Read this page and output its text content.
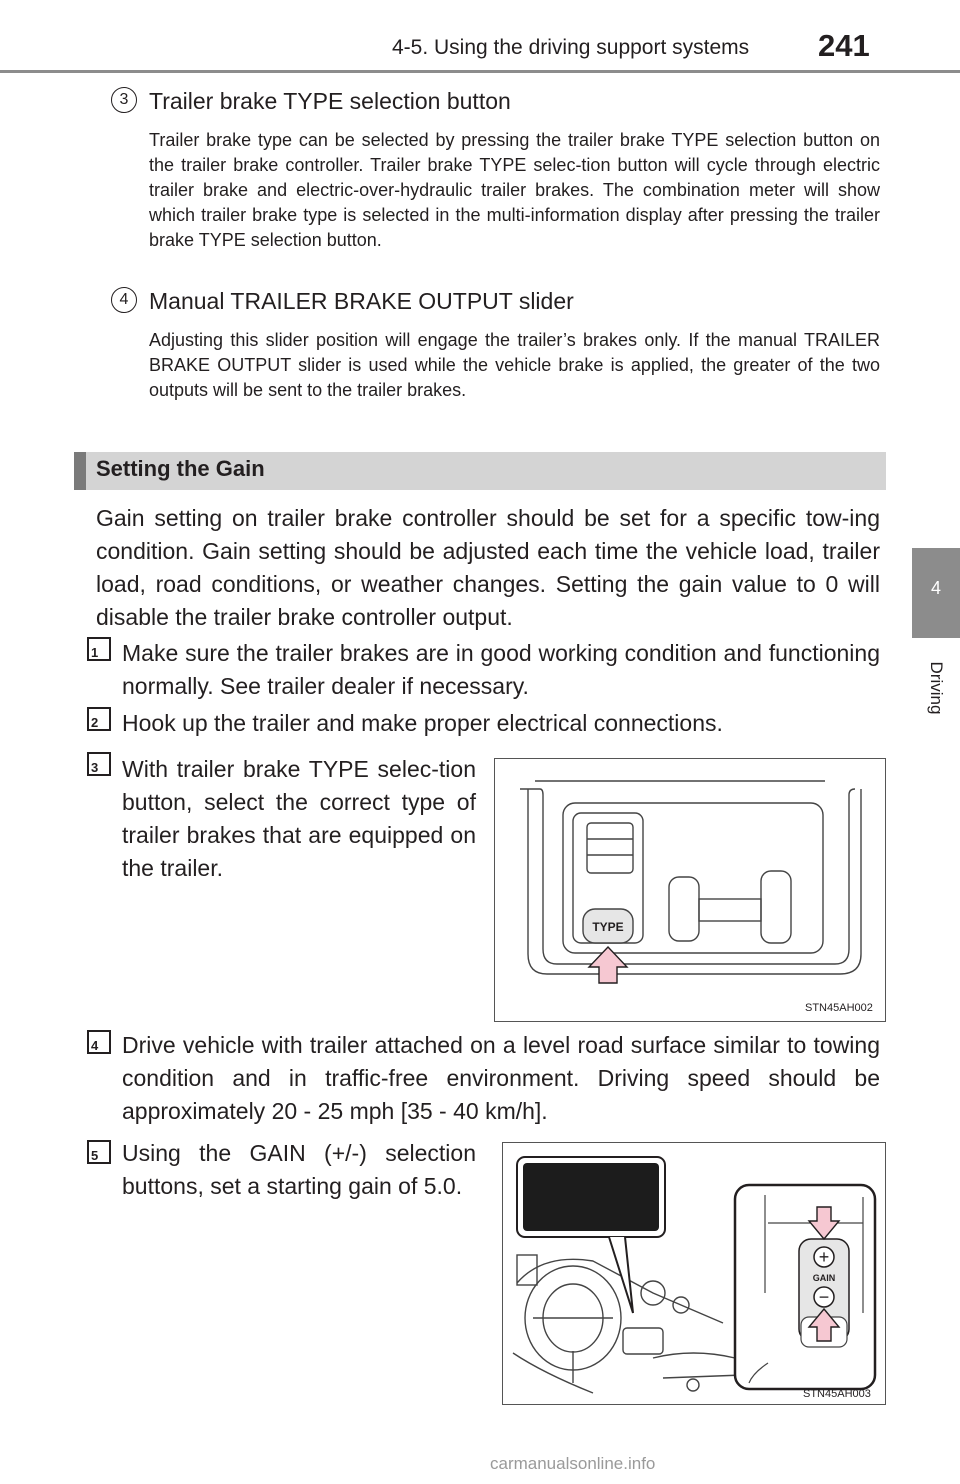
4-5. Using the driving support systems 241
4
Driving
3 Trailer brake TYPE selection button
Trailer brake type can be selected by pressing the trailer brake TYPE selection button on the trailer brake controller. Trailer brake TYPE selec-tion button will cycle through electric trailer brake and electric-over-hydraulic trailer brakes. The combination meter will show which trailer brake type is selected in the multi-information display after pressing the trailer brake TYPE selection button.
4 Manual TRAILER BRAKE OUTPUT slider
Adjusting this slider position will engage the trailer’s brakes only. If the manual TRAILER BRAKE OUTPUT slider is used while the vehicle brake is applied, the greater of the two outputs will be sent to the trailer brakes.
Setting the Gain
Gain setting on trailer brake controller should be set for a specific tow-ing condition. Gain setting should be adjusted each time the vehicle load, trailer load, road conditions, or weather changes. Setting the gain value to 0 will disable the trailer brake controller output.
1	Make sure the trailer brakes are in good working condition and functioning normally. See trailer dealer if necessary.
2	Hook up the trailer and make proper electrical connections.
3	With trailer brake TYPE selec-tion button, select the correct type of trailer brakes that are equipped on the trailer.
TYPE
STN45AH002
4	Drive vehicle with trailer attached on a level road surface similar to towing condition and in traffic-free environment. Driving speed should be approximately 20 - 25 mph [35 - 40 km/h].
5	Using the GAIN (+/-) selection buttons, set a starting gain of 5.0.
+
GAIN
−
STN45AH003
carmanualsonline.info
